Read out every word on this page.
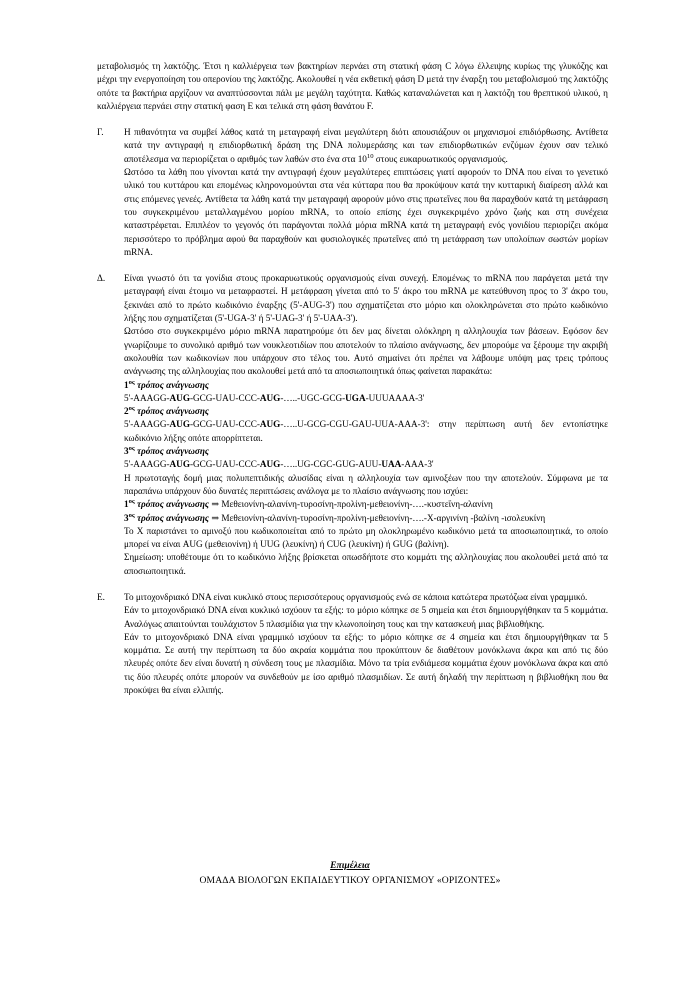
μεταβολισμός τη λακτόζης. Έτσι η καλλιέργεια των βακτηρίων περνάει στη στατική φάση C λόγω έλλειψης κυρίως της γλυκόζης και μέχρι την ενεργοποίηση του οπερονίου της λακτόζης. Ακολουθεί η νέα εκθετική φάση D μετά την έναρξη του μεταβολισμού της λακτόζης οπότε τα βακτήρια αρχίζουν να αναπτύσσονται πάλι με μεγάλη ταχύτητα. Καθώς καταναλώνεται και η λακτόζη του θρεπτικού υλικού, η καλλιέργεια περνάει στην στατική φαση Ε και τελικά στη φάση θανάτου F.

Γ.	Η πιθανότητα να συμβεί λάθος κατά τη μεταγραφή είναι μεγαλύτερη διότι απουσιάζουν οι μηχανισμοί επιδιόρθωσης. Αντίθετα κατά την αντιγραφή η επιδιορθωτική δράση της DNA πολυμεράσης και των επιδιορθωτικών ενζύμων έχουν σαν τελικό αποτέλεσμα να περιορίζεται ο αριθμός των λαθών στο ένα στα $10^{10}$ στους ευκαρυωτικούς οργανισμούς.

Ωστόσο τα λάθη που γίνονται κατά την αντιγραφή έχουν μεγαλύτερες επιπτώσεις γιατί αφορούν το DNA που είναι το γενετικό υλικό του κυττάρου και επομένως κληρονομούνται στα νέα κύτταρα που θα προκύψουν κατά την κυτταρική διαίρεση αλλά και στις επόμενες γενεές. Αντίθετα τα λάθη κατά την μεταγραφή αφορούν μόνο στις πρωτεΐνες που θα παραχθούν κατά τη μετάφραση του συγκεκριμένου μεταλλαγμένου μορίου mRNA, το οποίο επίσης έχει συγκεκριμένο χρόνο ζωής και στη συνέχεια καταστρέφεται. Επιπλέον το γεγονός ότι παράγονται πολλά μόρια mRNA κατά τη μεταγραφή ενός γονιδίου περιορίζει ακόμα περισσότερο το πρόβλημα αφού θα παραχθούν και φυσιολογικές πρωτεΐνες από τη μετάφραση των υπολοίπων σωστών μορίων mRNA.

Δ.	Είναι γνωστό ότι τα γονίδια στους προκαρυωτικούς οργανισμούς είναι συνεχή. Επομένως το mRNA που παράγεται μετά την μεταγραφή είναι έτοιμο να μεταφραστεί. Η μετάφραση γίνεται από το 5' άκρο του mRNA με κατεύθυνση προς το 3' άκρο του, ξεκινάει από το πρώτο κωδικόνιο έναρξης (5'-AUG-3') που σχηματίζεται στο μόριο και ολοκληρώνεται στο πρώτο κωδικόνιο λήξης που σχηματίζεται (5'-UGA-3' ή 5'-UAG-3' ή 5'-UAA-3').

Ωστόσο στο συγκεκριμένο μόριο mRNA παρατηρούμε ότι δεν μας δίνεται ολόκληρη η αλληλουχία των βάσεων. Εφόσον δεν γνωρίζουμε το συνολικό αριθμό των νουκλεοτιδίων που αποτελούν το πλαίσιο ανάγνωσης, δεν μπορούμε να ξέρουμε την ακριβή ακολουθία των κωδικονίων που υπάρχουν στο τέλος του. Αυτό σημαίνει ότι πρέπει να λάβουμε υπόψη μας τρεις τρόπους ανάγνωσης της αλληλουχίας που ακολουθεί μετά από τα αποσιωποιητικά όπως φαίνεται παρακάτω:

$1^{o\varsigma}$ τρόπος ανάγνωσης
5'-AAAGG-AUG-GCG-UAU-CCC-AUG-…..-UGC-GCG-UGA-UUUAAAA-3'
$2^{o\varsigma}$ τρόπος ανάγνωσης
5'-AAAGG-AUG-GCG-UAU-CCC-AUG-…..U-GCG-CGU-GAU-UUA-AAA-3': στην περίπτωση αυτή δεν εντοπίστηκε κωδικόνιο λήξης οπότε απορρίπτεται.
$3^{o\varsigma}$ τρόπος ανάγνωσης
5'-AAAGG-AUG-GCG-UAU-CCC-AUG-…..UG-CGC-GUG-AUU-UAA-AAA-3'

Η πρωτοταγής δομή μιας πολυπεπτιδικής αλυσίδας είναι η αλληλουχία των αμινοξέων που την αποτελούν. Σύμφωνα με τα παραπάνω υπάρχουν δύο δυνατές περιπτώσεις ανάλογα με το πλαίσιο ανάγνωσης που ισχύει:

$1^{o\varsigma}$ τρόπος ανάγνωσης ⇒ Μεθειονίνη-αλανίνη-τυροσίνη-προλίνη-μεθειονίνη-….-κυστεΐνη-αλανίνη
$3^{o\varsigma}$ τρόπος ανάγνωσης ⇒ Μεθειονίνη-αλανίνη-τυροσίνη-προλίνη-μεθειονίνη-….-Χ-αργινίνη -βαλίνη -ισολευκίνη

Το Χ παριστάνει το αμινοξύ που κωδικοποιείται από το πρώτο μη ολοκληρωμένο κωδικόνιο μετά τα αποσιωποιητικά, το οποίο μπορεί να είναι AUG (μεθειονίνη) ή UUG (λευκίνη) ή CUG (λευκίνη) ή GUG (βαλίνη).

Σημείωση: υποθέτουμε ότι το κωδικόνιο λήξης βρίσκεται οπωσδήποτε στο κομμάτι της αλληλουχίας που ακολουθεί μετά από τα αποσιωποιητικά.

Ε.	Το μιτοχονδριακό DNA είναι κυκλικό στους περισσότερους οργανισμούς ενώ σε κάποια κατώτερα πρωτόζωα είναι γραμμικό.

Εάν το μιτοχονδριακό DNA είναι κυκλικό ισχύουν τα εξής: το μόριο κόπηκε σε 5 σημεία και έτσι δημιουργήθηκαν τα 5 κομμάτια. Αναλόγως απαιτούνται τουλάχιστον 5 πλασμίδια για την κλωνοποίηση τους και την κατασκευή μιας βιβλιοθήκης.

Εάν το μιτοχονδριακό DNA είναι γραμμικό ισχύουν τα εξής: το μόριο κόπηκε σε 4 σημεία και έτσι δημιουργήθηκαν τα 5 κομμάτια. Σε αυτή την περίπτωση τα δύο ακραία κομμάτια που προκύπτουν δε διαθέτουν μονόκλωνα άκρα και από τις δύο πλευρές οπότε δεν είναι δυνατή η σύνδεση τους με πλασμίδια. Μόνο τα τρία ενδιάμεσα κομμάτια έχουν μονόκλωνα άκρα και από τις δύο πλευρές οπότε μπορούν να συνδεθούν με ίσο αριθμό πλασμιδίων. Σε αυτή δηλαδή την περίπτωση η βιβλιοθήκη που θα προκύψει θα είναι ελλιπής.

Επιμέλεια
ΟΜΑΔΑ ΒΙΟΛΟΓΩΝ ΕΚΠΑΙΔΕΥΤΙΚΟΥ ΟΡΓΑΝΙΣΜΟΥ «ΟΡΙΖΟΝΤΕΣ»
